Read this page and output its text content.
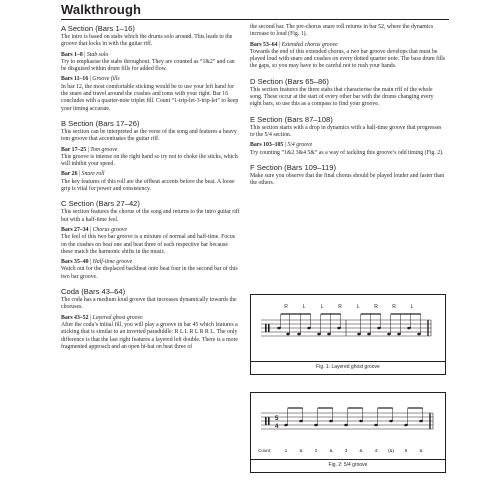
Walkthrough
A Section (Bars 1–16)

The intro is based on stabs which the drums solo around. This leads to the groove that locks in with the guitar riff.

Bars 1–8 | Stab solo

Try to emphasise the stabs throughout. They are counted as “1&2” and can be disguised within drum fills for added flow.

Bars 11–16 | Groove fills

In bar 12, the most comfortable sticking would be to use your left hand for the snare and travel around the crashes and toms with your right. Bar 16 concludes with a quarter-note triplet fill. Count “1-trip-let-3-trip-let” to keep your timing accurate.

B Section (Bars 17–26)

This section can be interpreted as the verse of the song and features a heavy tom groove that accentuates the guitar riff.

Bar 17–25 | Tom groove

This groove is intense on the right hand so try not to choke the sticks, which will inhibit your speed.

Bar 26 | Snare roll

The key features of this roll are the offbeat accents before the beat. A loose grip is vital for power and consistency.

C Section (Bars 27–42)

This section features the chorus of the song and returns to the intro guitar riff but with a half-time feel.

Bars 27–34 | Chorus groove

The feel of this two bar groove is a mixture of normal and half-time. Focus on the crashes on beat one and beat three of each respective bar because these match the harmonic shifts in the music.

Bars 35–40 | Half-time groove

Watch out for the displaced backbeat onto beat four in the second bar of this two bar groove.

Coda (Bars 43–64)

The coda has a medium loud groove that increases dynamically towards the choruses.

Bars 43–52 | Layered ghost groove

After the coda’s initial fill, you will play a groove in bar 45 which features a sticking that is similar to an inverted paradiddle: R L L R L R R L. The only difference is that the last right features a layered left double. There is a more fragmented approach and an open hi-hat on beat three of

the second bar. The pre-chorus snare roll returns in bar 52, where the dynamics increase to loud (Fig. 1).

Bars 53–64 | Extended chorus groove

Towards the end of this extended chorus, a two bar groove develops that must be played loud with snare and crashes on every dotted quarter note. The bass drum fills the gaps, so you may have to be careful not to rush your hands.

D Section (Bars 65–86)

This section features the three stabs that characterise the main riff of the whole song. These occur at the start of every other bar with the drums changing every eight bars, so use this as a compass to find your groove.

E Section (Bars 87–108)

This section starts with a drop in dynamics with a half-time groove that progresses to the 5/4 section.

Bars 103–105 | 5/4 groove

Try counting “1&2 3&4 5&” as a way of tackling this groove’s odd timing (Fig. 2).

F Section (Bars 109–119)

Make sure you observe that the final chorus should be played louder and faster than the others.

R	L	L	R	L	R	R	L
Fig. 1: Layered ghost groove
5
4
Count:	1	&	2	&	3	&	4 (&) 5	&
Fig. 2: 5/4 groove
